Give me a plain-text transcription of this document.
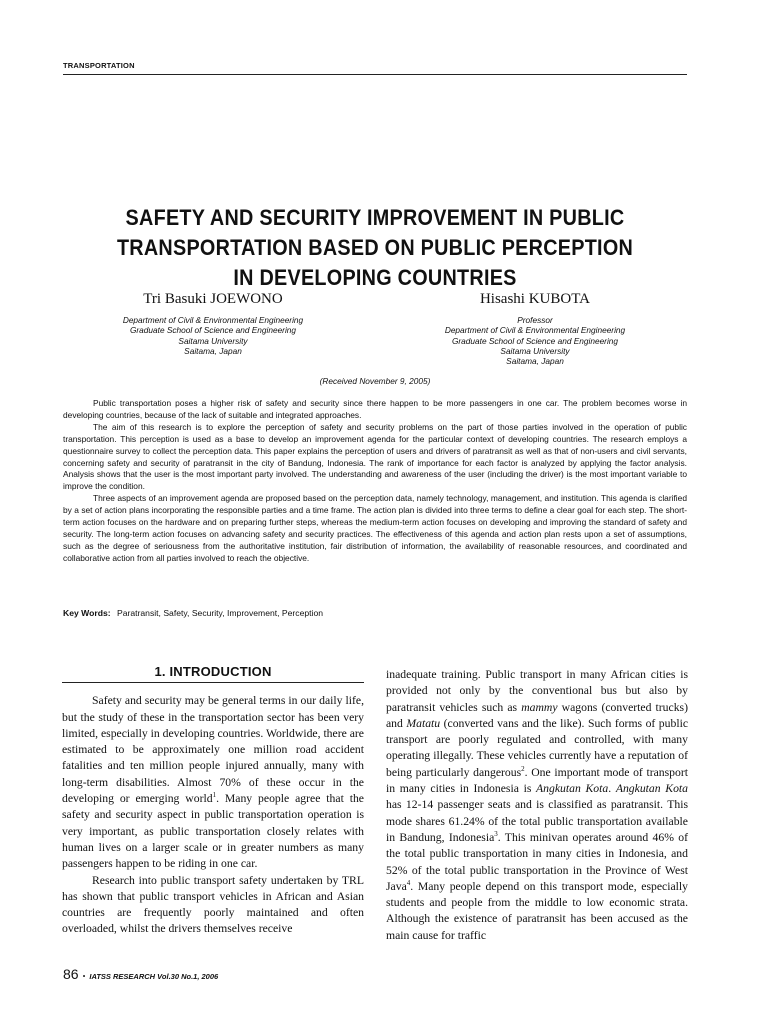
TRANSPORTATION
SAFETY AND SECURITY IMPROVEMENT IN PUBLIC
TRANSPORTATION BASED ON PUBLIC PERCEPTION
IN DEVELOPING COUNTRIES
Tri Basuki JOEWONO	Hisashi KUBOTA
Department of Civil & Environmental Engineering
Graduate School of Science and Engineering
Saitama University
Saitama, Japan
Professor
Department of Civil & Environmental Engineering
Graduate School of Science and Engineering
Saitama University
Saitama, Japan
(Received November 9, 2005)

Public transportation poses a higher risk of safety and security since there happen to be more passengers in one car. The problem becomes worse in developing countries, because of the lack of suitable and integrated approaches.

The aim of this research is to explore the perception of safety and security problems on the part of those parties involved in the operation of public transportation. This perception is used as a base to develop an improvement agenda for the particular context of developing countries. The research employs a questionnaire survey to collect the perception data. This paper explains the perception of users and drivers of paratransit as well as that of non-users and civil servants, concerning safety and security of paratransit in the city of Bandung, Indonesia. The rank of importance for each factor is analyzed by applying the factor analysis. Analysis shows that the user is the most important party involved. The understanding and awareness of the user (including the driver) is the most important variable to improve the condition.

Three aspects of an improvement agenda are proposed based on the perception data, namely technology, management, and institution. This agenda is clarified by a set of action plans incorporating the responsible parties and a time frame. The action plan is divided into three terms to define a clear goal for each step. The short-term action focuses on the hardware and on preparing further steps, whereas the medium-term action focuses on developing and improving the standard of safety and security. The long-term action focuses on advancing safety and security practices. The effectiveness of this agenda and action plan rests upon a set of assumptions, such as the degree of seriousness from the authoritative institution, fair distribution of information, the availability of reasonable resources, and coordinated and collaborative action from all parties involved to reach the objective.

Key Words: Paratransit, Safety, Security, Improvement, Perception
1. INTRODUCTION

Safety and security may be general terms in our daily life, but the study of these in the transportation sector has been very limited, especially in developing countries. Worldwide, there are estimated to be approximately one million road accident fatalities and ten million people injured annually, many with long-term disabilities. Almost 70% of these occur in the developing or emerging world$^1$. Many people agree that the safety and security aspect in public transportation operation is very important, as public transportation closely relates with human lives on a larger scale or in greater numbers as many passengers happen to be riding in one car.

Research into public transport safety undertaken by TRL has shown that public transport vehicles in African and Asian countries are frequently poorly maintained and often overloaded, whilst the drivers themselves receive

inadequate training. Public transport in many African cities is provided not only by the conventional bus but also by paratransit vehicles such as mammy wagons (converted trucks) and Matatu (converted vans and the like). Such forms of public transport are poorly regulated and controlled, with many operating illegally. These vehicles currently have a reputation of being particularly dangerous$^2$. One important mode of transport in many cities in Indonesia is Angkutan Kota. Angkutan Kota has 12-14 passenger seats and is classified as paratransit. This mode shares 61.24% of the total public transportation available in Bandung, Indonesia$^3$. This minivan operates around 46% of the total public transportation in many cities in Indonesia, and 52% of the total public transportation in the Province of West Java$^4$. Many people depend on this transport mode, especially students and people from the middle to low economic strata. Although the existence of paratransit has been accused as the main cause for traffic

86 • IATSS RESEARCH Vol.30 No.1, 2006
